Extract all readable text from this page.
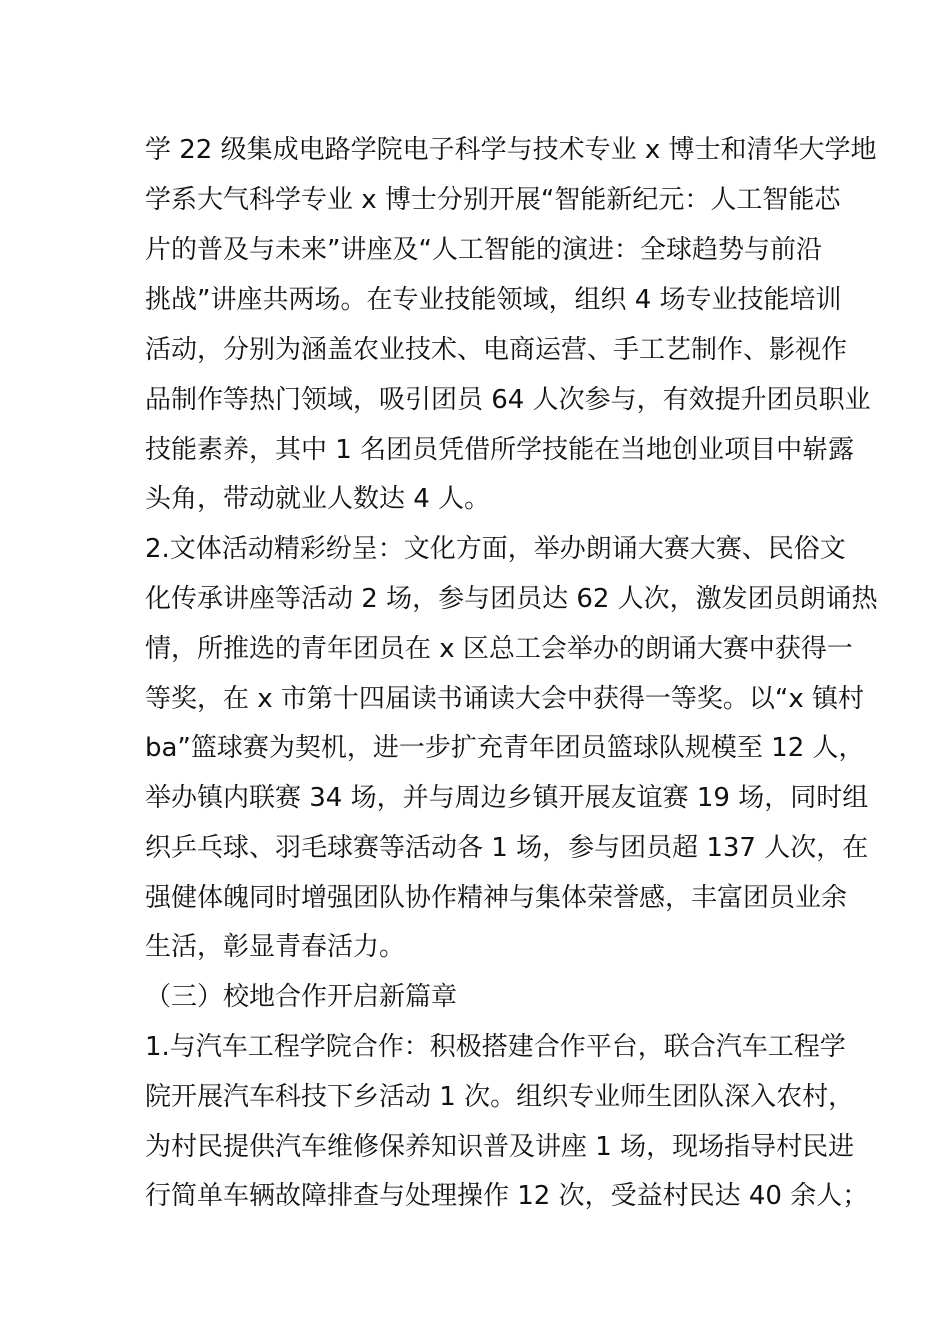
学 22 级集成电路学院电子科学与技术专业 x 博士和清华大学地
学系大气科学专业 x 博士分别开展“智能新纪元：人工智能芯
片的普及与未来”讲座及“人工智能的演进：全球趋势与前沿
挑战”讲座共两场。在专业技能领域，组织 4 场专业技能培训
活动，分别为涵盖农业技术、电商运营、手工艺制作、影视作
品制作等热门领域，吸引团员 64 人次参与，有效提升团员职业
技能素养，其中 1 名团员凭借所学技能在当地创业项目中崭露
头角，带动就业人数达 4 人。
2.文体活动精彩纷呈：文化方面，举办朗诵大赛大赛、民俗文
化传承讲座等活动 2 场，参与团员达 62 人次，激发团员朗诵热
情，所推选的青年团员在 x 区总工会举办的朗诵大赛中获得一
等奖，在 x 市第十四届读书诵读大会中获得一等奖。以“x 镇村
ba”篮球赛为契机，进一步扩充青年团员篮球队规模至 12 人，
举办镇内联赛 34 场，并与周边乡镇开展友谊赛 19 场，同时组
织乒乓球、羽毛球赛等活动各 1 场，参与团员超 137 人次，在
强健体魄同时增强团队协作精神与集体荣誉感，丰富团员业余
生活，彰显青春活力。
（三）校地合作开启新篇章
1.与汽车工程学院合作：积极搭建合作平台，联合汽车工程学
院开展汽车科技下乡活动 1 次。组织专业师生团队深入农村，
为村民提供汽车维修保养知识普及讲座 1 场，现场指导村民进
行简单车辆故障排查与处理操作 12 次，受益村民达 40 余人；
